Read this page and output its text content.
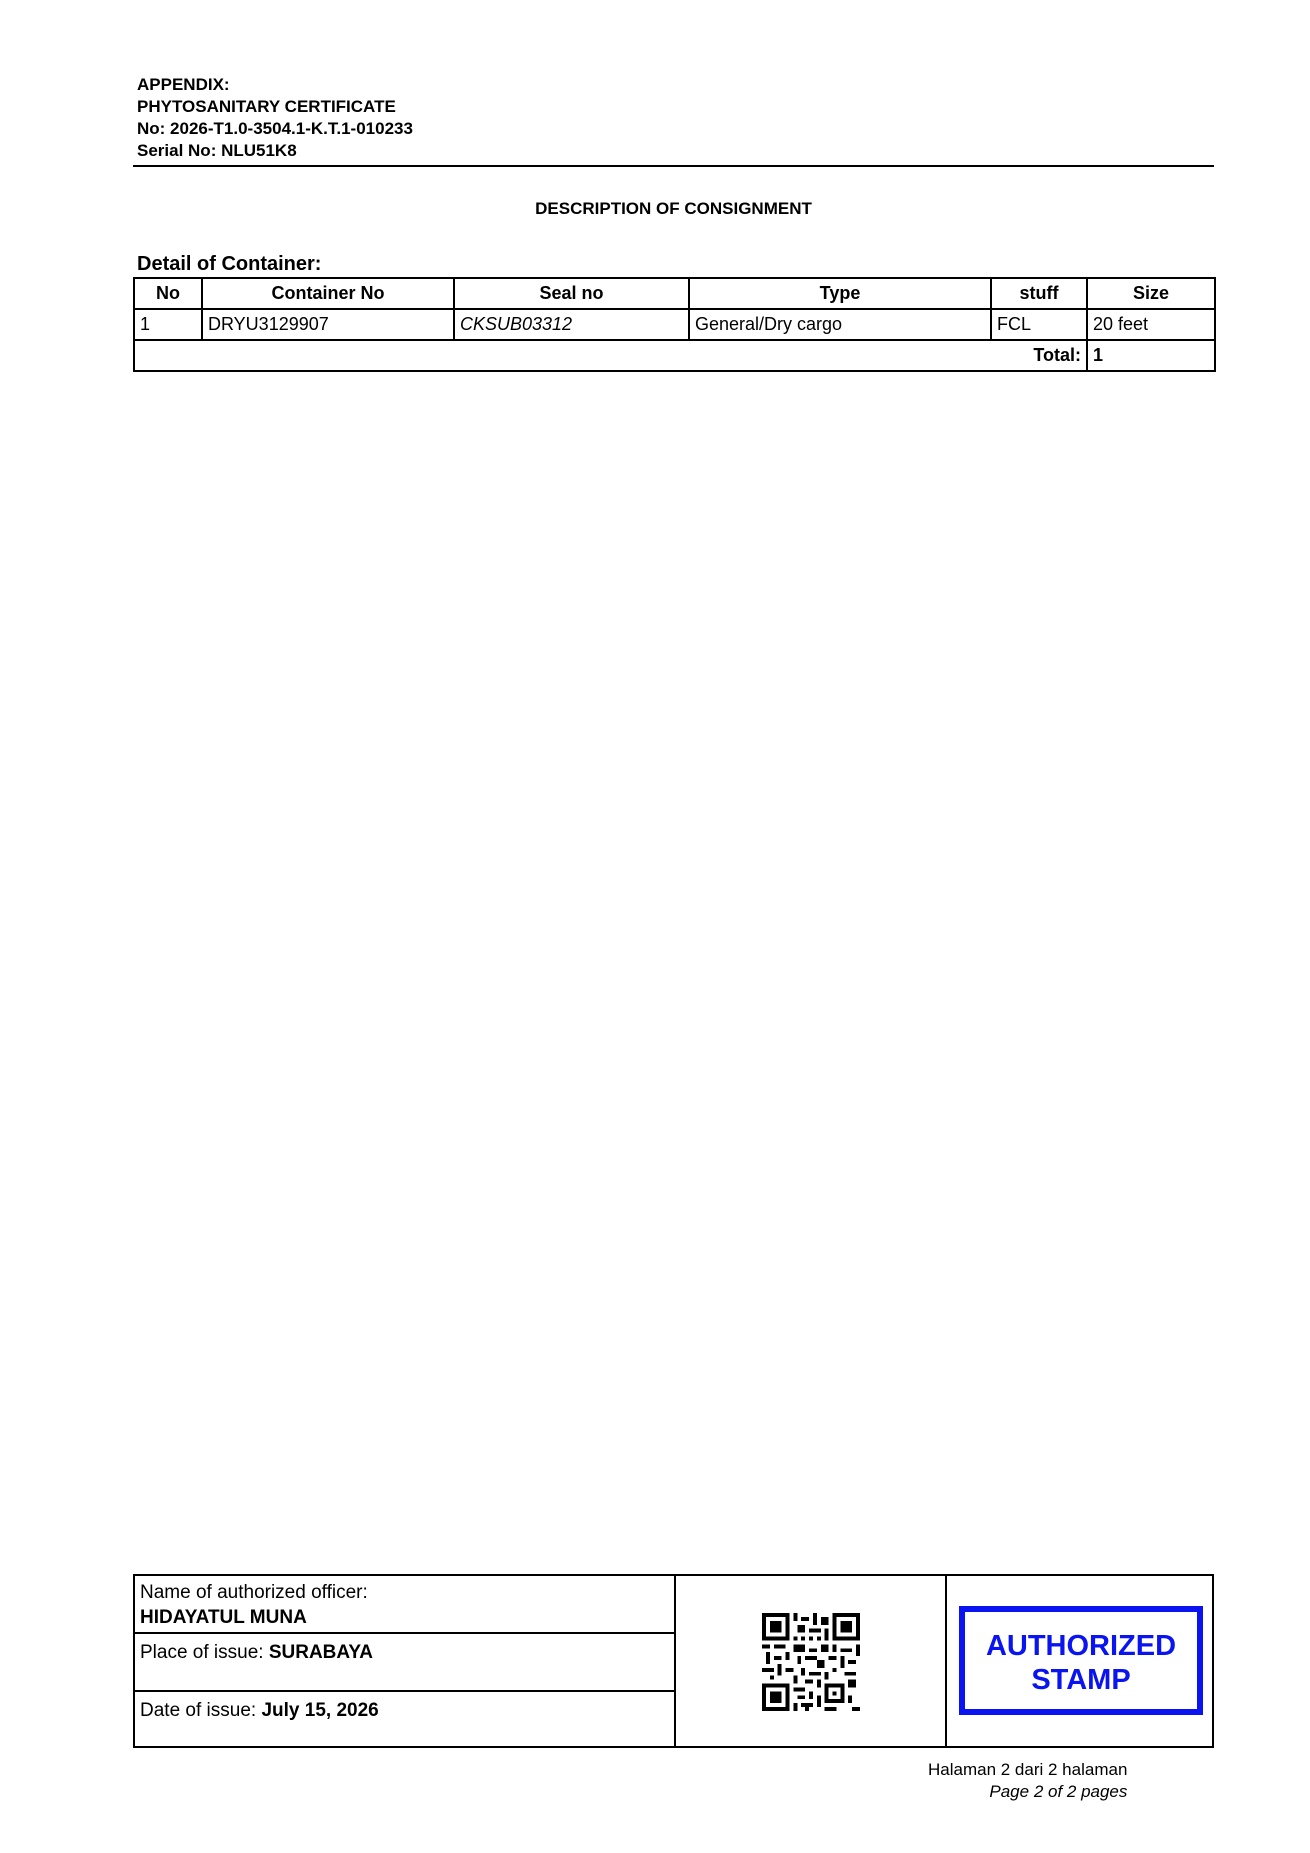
APPENDIX:
PHYTOSANITARY CERTIFICATE
No: 2026-T1.0-3504.1-K.T.1-010233
Serial No: NLU51K8
DESCRIPTION OF CONSIGNMENT
Detail of Container:
No	Container No	Seal no	Type	stuff	Size
1	DRYU3129907	CKSUB03312	General/Dry cargo	FCL	20 feet
Total:					1
Name of authorized officer:
HIDAYATUL MUNA
Place of issue: SURABAYA
Date of issue: July 15, 2026
AUTHORIZED
STAMP
Halaman 2 dari 2 halaman
Page 2 of 2 pages
